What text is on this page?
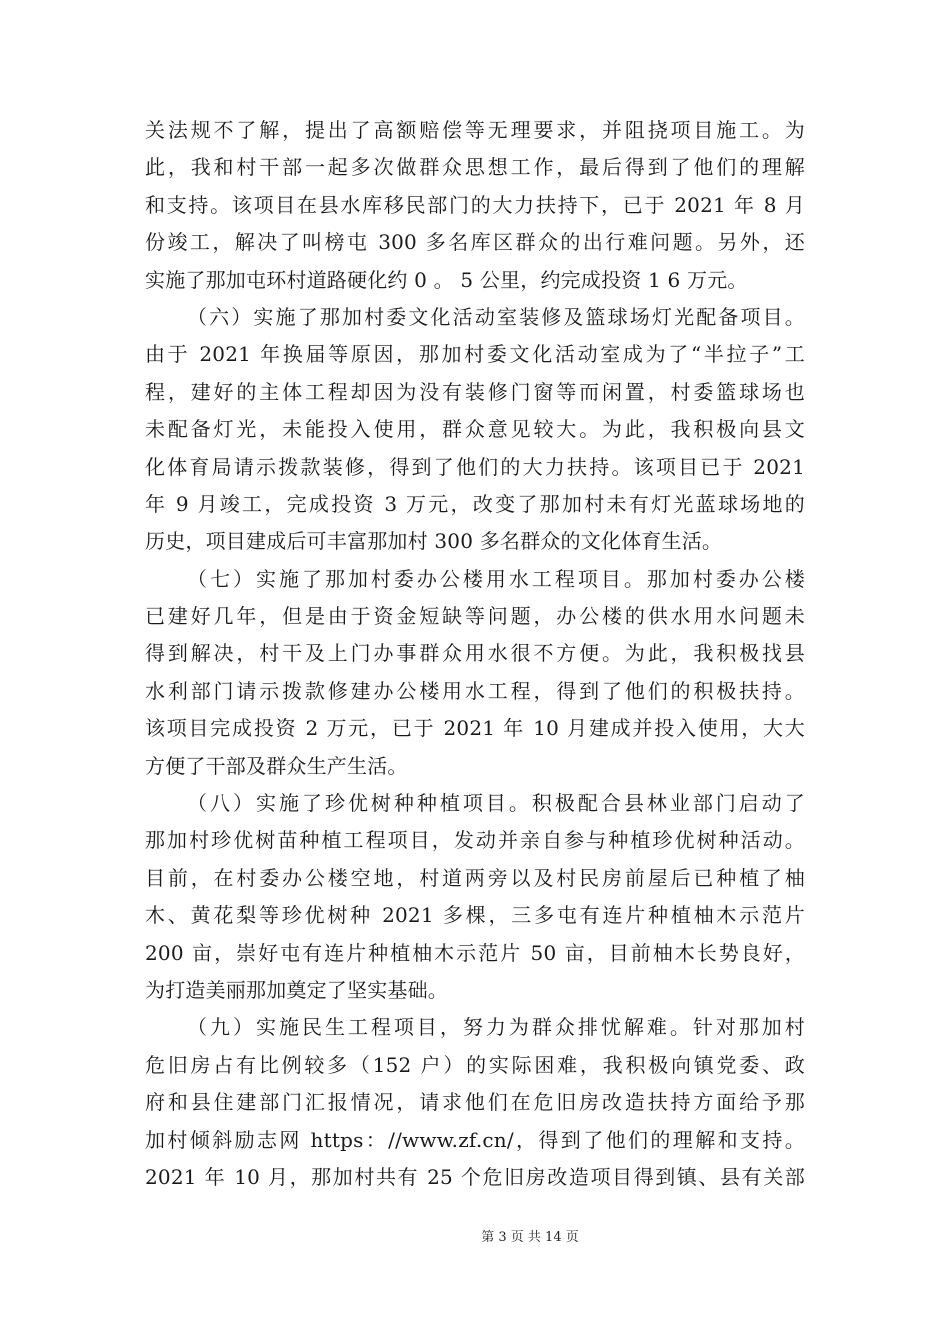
关法规不了解，提出了高额赔偿等无理要求，并阻挠项目施工。为
此，我和村干部一起多次做群众思想工作，最后得到了他们的理解
和支持。该项目在县水库移民部门的大力扶持下，已于 2021 年 8 月
份竣工，解决了叫榜屯 300 多名库区群众的出行难问题。另外，还
实施了那加屯环村道路硬化约 0 。 5 公里，约完成投资 1 6 万元。
（六）实施了那加村委文化活动室装修及篮球场灯光配备项目。
由于 2021 年换届等原因，那加村委文化活动室成为了“半拉子”工
程，建好的主体工程却因为没有装修门窗等而闲置，村委篮球场也
未配备灯光，未能投入使用，群众意见较大。为此，我积极向县文
化体育局请示拨款装修，得到了他们的大力扶持。该项目已于 2021
年 9 月竣工，完成投资 3 万元，改变了那加村未有灯光蓝球场地的
历史，项目建成后可丰富那加村 300 多名群众的文化体育生活。
（七）实施了那加村委办公楼用水工程项目。那加村委办公楼
已建好几年，但是由于资金短缺等问题，办公楼的供水用水问题未
得到解决，村干及上门办事群众用水很不方便。为此，我积极找县
水利部门请示拨款修建办公楼用水工程，得到了他们的积极扶持。
该项目完成投资 2 万元，已于 2021 年 10 月建成并投入使用，大大
方便了干部及群众生产生活。
（八）实施了珍优树种种植项目。积极配合县林业部门启动了
那加村珍优树苗种植工程项目，发动并亲自参与种植珍优树种活动。
目前，在村委办公楼空地，村道两旁以及村民房前屋后已种植了柚
木、黄花梨等珍优树种 2021 多棵，三多屯有连片种植柚木示范片
200 亩，崇好屯有连片种植柚木示范片 50 亩，目前柚木长势良好，
为打造美丽那加奠定了坚实基础。
（九）实施民生工程项目，努力为群众排忧解难。针对那加村
危旧房占有比例较多（152 户）的实际困难，我积极向镇党委、政
府和县住建部门汇报情况，请求他们在危旧房改造扶持方面给予那
加村倾斜励志网 https：//www.zf.cn/，得到了他们的理解和支持。
2021 年 10 月，那加村共有 25 个危旧房改造项目得到镇、县有关部
第 3 页 共 14 页
